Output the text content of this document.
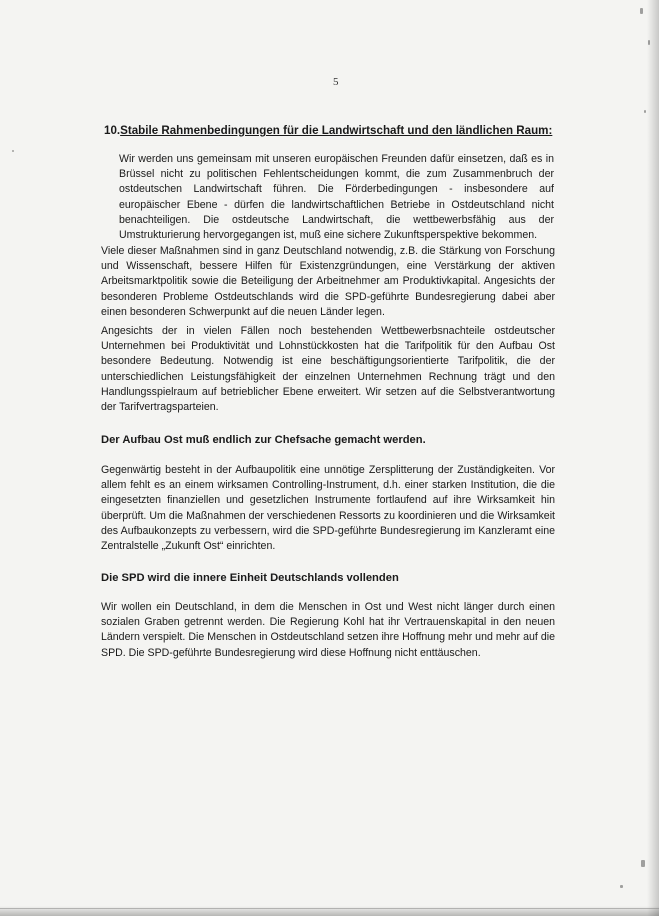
5
10.Stabile Rahmenbedingungen für die Landwirtschaft und den ländlichen Raum:

Wir werden uns gemeinsam mit unseren europäischen Freunden dafür einsetzen, daß es in Brüssel nicht zu politischen Fehlentscheidungen kommt, die zum Zusammenbruch der ostdeutschen Landwirtschaft führen. Die Förderbedingungen - insbesondere auf europäischer Ebene - dürfen die landwirtschaftlichen Betriebe in Ostdeutschland nicht benachteiligen. Die ostdeutsche Landwirtschaft, die wettbewerbsfähig aus der Umstrukturierung hervorgegangen ist, muß eine sichere Zukunftsperspektive bekommen.

Viele dieser Maßnahmen sind in ganz Deutschland notwendig, z.B. die Stärkung von Forschung und Wissenschaft, bessere Hilfen für Existenzgründungen, eine Verstärkung der aktiven Arbeitsmarktpolitik sowie die Beteiligung der Arbeitnehmer am Produktivkapital. Angesichts der besonderen Probleme Ostdeutschlands wird die SPD-geführte Bundesregierung dabei aber einen besonderen Schwerpunkt auf die neuen Länder legen.

Angesichts der in vielen Fällen noch bestehenden Wettbewerbsnachteile ostdeutscher Unternehmen bei Produktivität und Lohnstückkosten hat die Tarifpolitik für den Aufbau Ost besondere Bedeutung. Notwendig ist eine beschäftigungsorientierte Tarifpolitik, die der unterschiedlichen Leistungsfähigkeit der einzelnen Unternehmen Rechnung trägt und den Handlungsspielraum auf betrieblicher Ebene erweitert. Wir setzen auf die Selbstverantwortung der Tarifvertragsparteien.

Der Aufbau Ost muß endlich zur Chefsache gemacht werden.

Gegenwärtig besteht in der Aufbaupolitik eine unnötige Zersplitterung der Zuständigkeiten. Vor allem fehlt es an einem wirksamen Controlling-Instrument, d.h. einer starken Institution, die die eingesetzten finanziellen und gesetzlichen Instrumente fortlaufend auf ihre Wirksamkeit hin überprüft. Um die Maßnahmen der verschiedenen Ressorts zu koordinieren und die Wirksamkeit des Aufbaukonzepts zu verbessern, wird die SPD-geführte Bundesregierung im Kanzleramt eine Zentralstelle „Zukunft Ost“ einrichten.

Die SPD wird die innere Einheit Deutschlands vollenden

Wir wollen ein Deutschland, in dem die Menschen in Ost und West nicht länger durch einen sozialen Graben getrennt werden. Die Regierung Kohl hat ihr Vertrauenskapital in den neuen Ländern verspielt. Die Menschen in Ostdeutschland setzen ihre Hoffnung mehr und mehr auf die SPD. Die SPD-geführte Bundesregierung wird diese Hoffnung nicht enttäuschen.
